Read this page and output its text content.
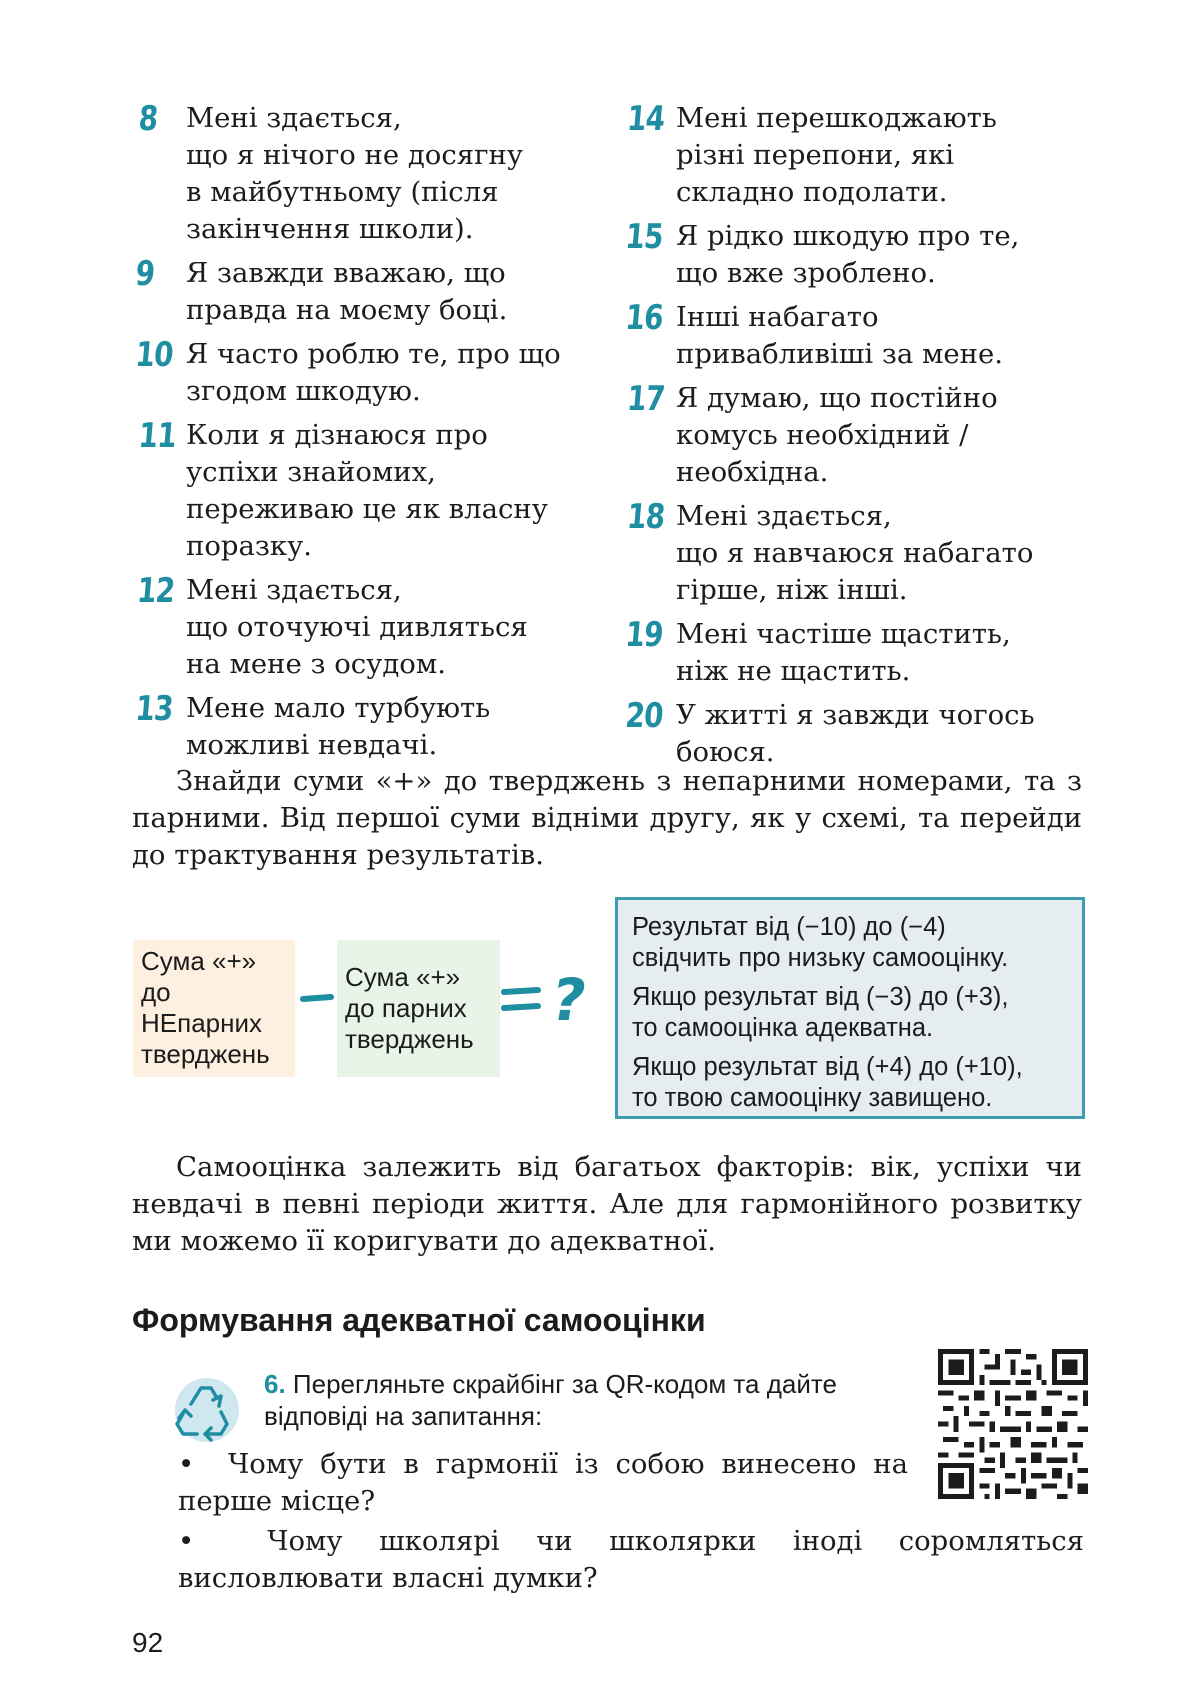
8 Мені здається,
що я нічого не досягну
в майбутньому (після
закінчення школи).
9	Я завжди вважаю, що
правда на моєму боці.
10 Я часто роблю те, про що
згодом шкодую.
11 Коли я дізнаюся про
успіхи знайомих,
переживаю це як власну
поразку.
12 Мені здається,
що оточуючі дивляться
на мене з осудом.
13 Мене мало турбують
можливі невдачі.
14 Мені перешкоджають
різні перепони, які
складно подолати.
15 Я рідко шкодую про те,
що вже зроблено.
16 Інші набагато
привабливіші за мене.
17 Я думаю, що постійно
комусь необхідний /
необхідна.
18 Мені здається,
що я навчаюся набагато
гірше, ніж інші.
19 Мені частіше щастить,
ніж не щастить.
20 У житті я завжди чогось
боюся.
Знайди суми «+» до тверджень з непарними номерами, та з парними. Від першої суми відніми другу, як у схемі, та перейди до трактування результатів.
Сума «+»
до
НЕпарних
тверджень
Сума «+»
до парних
тверджень
?

Результат від (−10) до (−4)
свідчить про низьку самооцінку.

Якщо результат від (−3) до (+3),
то самооцінка адекватна.

Якщо результат від (+4) до (+10),
то твою самооцінку завищено.

Самооцінка залежить від багатьох факторів: вік, успіхи чи невдачі в певні періоди життя. Але для гармонійного розвитку ми можемо її коригувати до адекватної.
Формування адекватної самооцінки
6. Перегляньте скрайбінг за QR-кодом та дайте відповіді на запитання:
•  Чому бути в гармонії із собою винесено на перше місце?
•  Чому школярі чи школярки іноді соромляться висловлювати власні думки?
92
